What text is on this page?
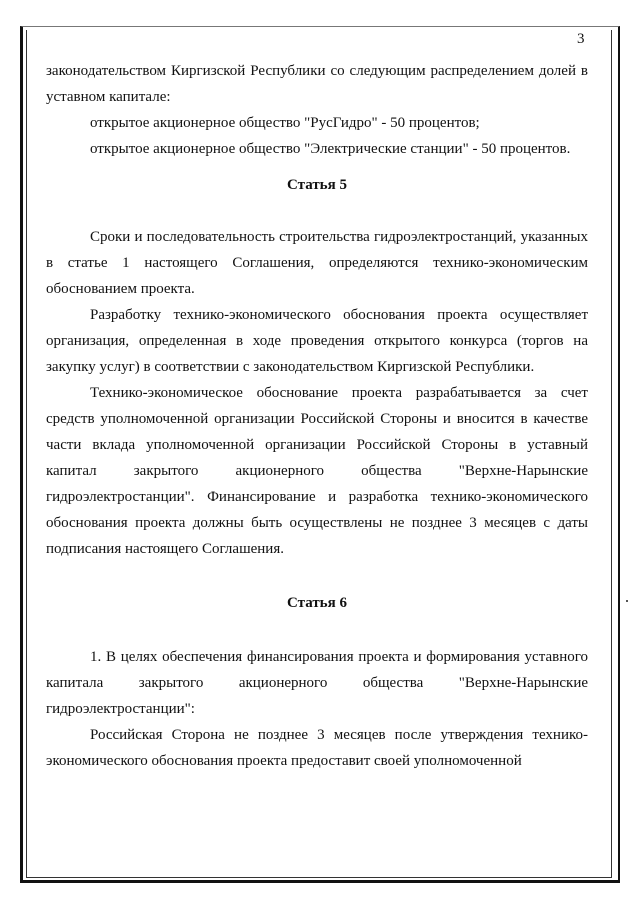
3

законодательством Киргизской Республики со следующим распределением долей в уставном капитале:

открытое акционерное общество "РусГидро" - 50 процентов;

открытое акционерное общество "Электрические станции" - 50 процентов.

Статья 5

Сроки и последовательность строительства гидроэлектростанций, указанных в статье 1 настоящего Соглашения, определяются технико-экономическим обоснованием проекта.

Разработку технико-экономического обоснования проекта осуществляет организация, определенная в ходе проведения открытого конкурса (торгов на закупку услуг) в соответствии с законодательством Киргизской Республики.

Технико-экономическое обоснование проекта разрабатывается за счет средств уполномоченной организации Российской Стороны и вносится в качестве части вклада уполномоченной организации Российской Стороны в уставный капитал закрытого акционерного общества "Верхне-Нарынские гидроэлектростанции". Финансирование и разработка технико-экономического обоснования проекта должны быть осуществлены не позднее 3 месяцев с даты подписания настоящего Соглашения.

Статья 6

1. В целях обеспечения финансирования проекта и формирования уставного капитала закрытого акционерного общества "Верхне-Нарынские гидроэлектростанции":

Российская Сторона не позднее 3 месяцев после утверждения технико-экономического обоснования проекта предоставит своей уполномоченной
